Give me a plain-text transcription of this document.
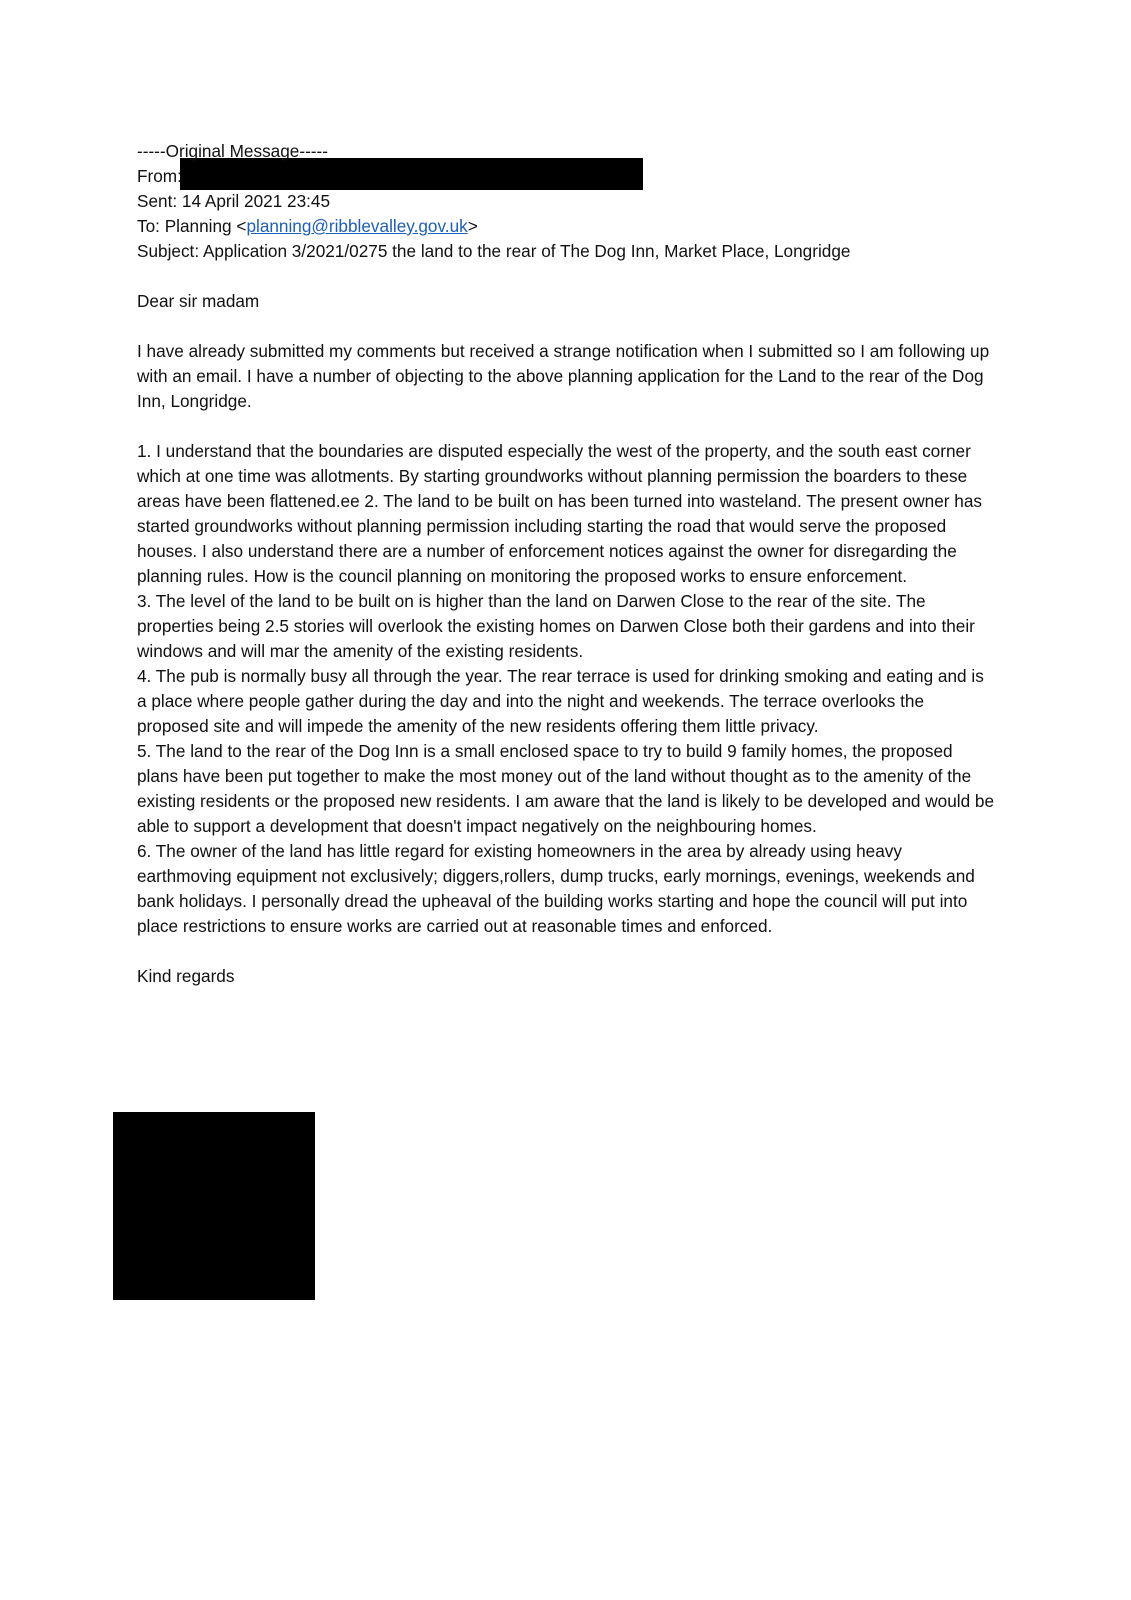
-----Original Message-----
From:
Sent: 14 April 2021 23:45
To: Planning <planning@ribblevalley.gov.uk>
Subject: Application 3/2021/0275 the land to the rear of The Dog Inn, Market Place, Longridge

Dear sir madam

I have already submitted my comments but received a strange notification when I submitted so I am following up with an email. I have a number of objecting to the above planning application for the Land to the rear of the Dog Inn, Longridge.

1. I understand that the boundaries are disputed especially the west of the property, and the south east corner which at one time was allotments. By starting groundworks without planning permission the boarders to these areas have been flattened.ee 2. The land to be built on has been turned into wasteland. The present owner has started groundworks without planning permission including starting the road that would serve the proposed houses. I also understand there are a number of enforcement notices against the owner for disregarding the planning rules. How is the council planning on monitoring the proposed works to ensure enforcement.

3. The level of the land to be built on is higher than the land on Darwen Close to the rear of the site. The properties being 2.5 stories will overlook the existing homes on Darwen Close both their gardens and into their windows and will mar the amenity of the existing residents.

4. The pub is normally busy all through the year. The rear terrace is used for drinking smoking and eating and is a place where people gather during the day and into the night and weekends. The terrace overlooks the proposed site and will impede the amenity of the new residents offering them little privacy.

5. The land to the rear of the Dog Inn is a small enclosed space to try to build 9 family homes, the proposed plans have been put together to make the most money out of the land without thought as to the amenity of the existing residents or the proposed new residents. I am aware that the land is likely to be developed and would be able to support a development that doesn't impact negatively on the neighbouring homes.

6. The owner of the land has little regard for existing homeowners in the area by already using heavy earthmoving equipment not exclusively; diggers,rollers, dump trucks, early mornings, evenings, weekends and bank holidays. I personally dread the upheaval of the building works starting and hope the council will put into place restrictions to ensure works are carried out at reasonable times and enforced.

Kind regards
